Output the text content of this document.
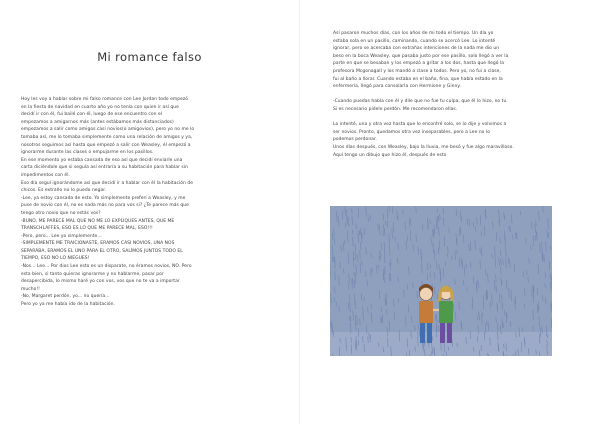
Mi romance falso
Hoy les voy a hablar sobre mi falso romance con Lee Jordan todo empezó
en la fiesta de navidad en cuarto año yo no tenía con quien ir así que
decidí ir con él, fui bailé con él, luego de ese encuentro con el
empezamos a amigarnos más (antes estábamos más distanciados)
empezamos a salir como amigos casi novios(o amigovios), pero yo no me lo
tomaba así, me lo tomaba simplemente como una relación de amigos y ya,
nosotros seguimos así hasta que empezó a salir con Weasley, él empezó a
ignorarme durante las clases o empujarme en los pasillos.
En ese momento yo estaba cansada de eso así que decidí enviarle una
carta diciéndole que si seguía así entraría a su habitación para hablar sin
impedimentos con él.
Eso día seguí ignorándome así que decidí ir a hablar con él la habitación de
chicos. Es extraño no lo puedo negar.
-Lee, ya estoy cansada de esto. Yo simplemente preferí a Weasley, y me
puse de novio con él, no es nada más no para vos si? ¿Te parece más que
tengo otro novio que no estás vos?
-BUNO, ME PARECE MAL QUE NO ME LO EXPLIQUES ANTES, QUE ME
TRANSCHLAFFES, ESO ES LO QUE ME PARECE MAL, ESO!!!
-Pero, pero... Lee yo simplemente...
-SIMPLEMENTE ME TRAICIONASTE, ERAMOS CASI NOVIOS, UNA NOS
SEPARÁBA, ERAMOS EL UNO PARA EL OTRO, SALÍMOS JUNTOS TODO EL
TIEMPO, ESO NO LO NIEGUES!
-Nos... Lee... Por dios Lee esto es un disparate, no éramos novios, NO. Pero
esta bien, si tanto quieras ignorarme y no hablarme, pasar por
desapercibida, lo mismo haré yo con vos, vos que no te va a importar
mucho!!
-No, Margaret perdón, yo... no quería...
Pero yo ya me había ido de la habitación.
Así pasaron muchos días, con los años de mi todo el tiempo. Un día yo
estaba sola en un pasillo, caminando, cuando se acercó Lee. Lo intenté
ignorar, pero se acercaba con extrañas intenciones de la nada me dio un
beso en la boca Weasley, que pasaba justo por ese pasillo, solo llegó a ver la
parte en que se besaban y los empezó a gritar a los dos, hasta que llegó la
profesora Mcgonagall y los mandó a clase a todos. Pero yo, no fui a clase,
fui al baño a llorar. Cuando estaba en el baño, fina, que había estado en la
enfermería, llegó para consolarla con Hermione y Ginny.
-Cuando puedas habla con él y dile que no fue tu culpa, que él lo hizo, no tu.
Si es necesario pídele perdón. Me recomendaron ellas.
Lo intenté, una y otra vez hasta que lo encontré solo, se lo dije y volvimos a
ser novios. Pronto, quedamos otra vez inseparables, pero a Lee no lo
podemos perdonar.
Unos días después, con Weasley, bajo la lluvia, me besó y fue algo maravilloso.
Aquí tengo un dibujo que hizo él, después de esto
